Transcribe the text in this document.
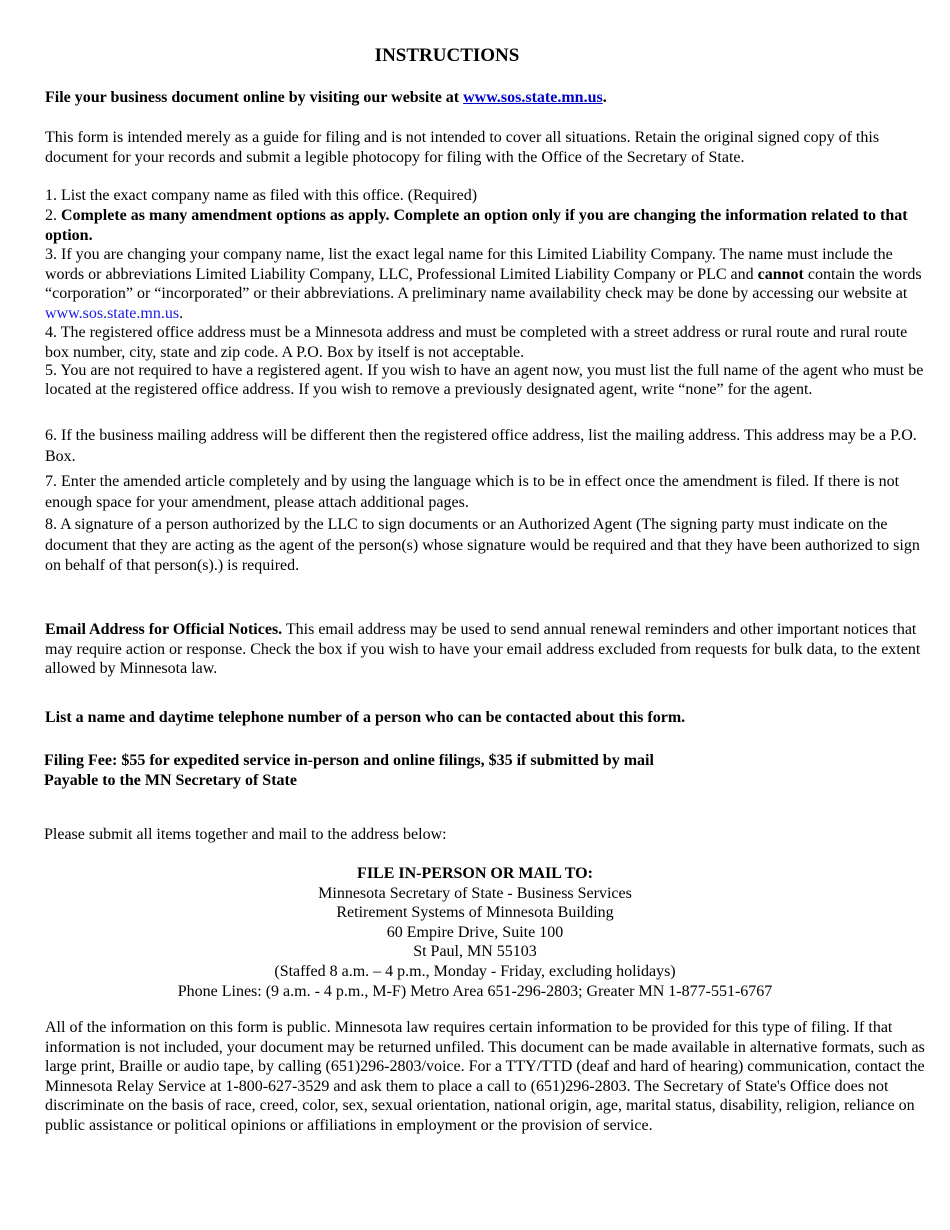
INSTRUCTIONS
File your business document online by visiting our website at www.sos.state.mn.us.
This form is intended merely as a guide for filing and is not intended to cover all situations. Retain the original signed copy of this document for your records and submit a legible photocopy for filing with the Office of the Secretary of State.
1. List the exact company name as filed with this office. (Required)
2. Complete as many amendment options as apply. Complete an option only if you are changing the information related to that option.
3. If you are changing your company name, list the exact legal name for this Limited Liability Company. The name must include the words or abbreviations Limited Liability Company, LLC, Professional Limited Liability Company or PLC and cannot contain the words “corporation” or “incorporated” or their abbreviations. A preliminary name availability check may be done by accessing our website at www.sos.state.mn.us.
4. The registered office address must be a Minnesota address and must be completed with a street address or rural route and rural route box number, city, state and zip code. A P.O. Box by itself is not acceptable.
5. You are not required to have a registered agent. If you wish to have an agent now, you must list the full name of the agent who must be located at the registered office address. If you wish to remove a previously designated agent, write “none” for the agent.
6. If the business mailing address will be different then the registered office address, list the mailing address. This address may be a P.O. Box.
7. Enter the amended article completely and by using the language which is to be in effect once the amendment is filed. If there is not enough space for your amendment, please attach additional pages.
8. A signature of a person authorized by the LLC to sign documents or an Authorized Agent (The signing party must indicate on the document that they are acting as the agent of the person(s) whose signature would be required and that they have been authorized to sign on behalf of that person(s).) is required.
Email Address for Official Notices. This email address may be used to send annual renewal reminders and other important notices that may require action or response. Check the box if you wish to have your email address excluded from requests for bulk data, to the extent allowed by Minnesota law.
List a name and daytime telephone number of a person who can be contacted about this form.
Filing Fee: $55 for expedited service in-person and online filings, $35 if submitted by mail
Payable to the MN Secretary of State
Please submit all items together and mail to the address below:
FILE IN-PERSON OR MAIL TO:
Minnesota Secretary of State - Business Services
Retirement Systems of Minnesota Building
60 Empire Drive, Suite 100
St Paul, MN 55103
(Staffed 8 a.m. – 4 p.m., Monday - Friday, excluding holidays)
Phone Lines: (9 a.m. - 4 p.m., M-F) Metro Area 651-296-2803; Greater MN 1-877-551-6767
All of the information on this form is public. Minnesota law requires certain information to be provided for this type of filing. If that information is not included, your document may be returned unfiled. This document can be made available in alternative formats, such as large print, Braille or audio tape, by calling (651)296-2803/voice. For a TTY/TTD (deaf and hard of hearing) communication, contact the Minnesota Relay Service at 1-800-627-3529 and ask them to place a call to (651)296-2803. The Secretary of State's Office does not discriminate on the basis of race, creed, color, sex, sexual orientation, national origin, age, marital status, disability, religion, reliance on public assistance or political opinions or affiliations in employment or the provision of service.
